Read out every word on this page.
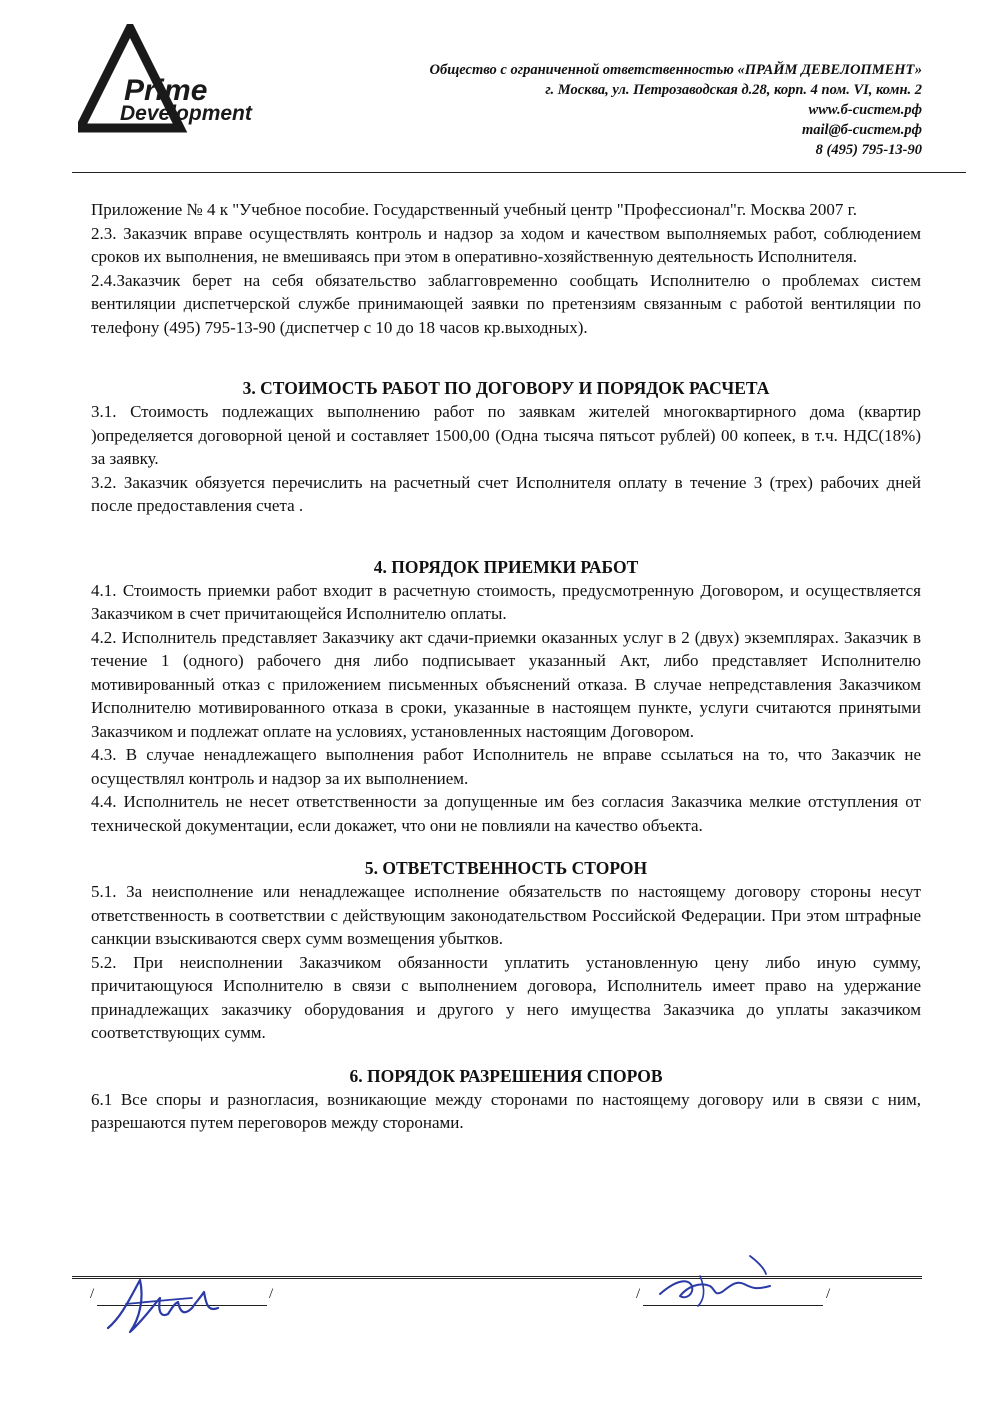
Prime
Development
Общество с ограниченной ответственностью «ПРАЙМ ДЕВЕЛОПМЕНТ»
г. Москва, ул. Петрозаводская д.28, корп. 4 пом. VI, комн. 2
www.б-систем.рф
mail@б-систем.рф
8 (495) 795-13-90
Приложение № 4 к "Учебное пособие. Государственный учебный центр "Профессионал"г. Москва 2007 г.
2.3. Заказчик вправе осуществлять контроль и надзор за ходом и качеством выполняемых работ, соблюдением сроков их выполнения, не вмешиваясь при этом в оперативно-хозяйственную деятельность Исполнителя.
2.4.Заказчик берет на себя обязательство заблагговременно сообщать Исполнителю о проблемах систем вентиляции диспетчерской службе принимающей заявки по претензиям связанным с работой вентиляции по телефону (495) 795-13-90 (диспетчер с 10 до 18 часов кр.выходных).
3. СТОИМОСТЬ РАБОТ ПО ДОГОВОРУ И ПОРЯДОК РАСЧЕТА
3.1. Стоимость подлежащих выполнению работ по заявкам жителей многоквартирного дома (квартир )определяется договорной ценой и составляет 1500,00 (Одна тысяча пятьсот рублей) 00 копеек, в т.ч. НДС(18%) за заявку.
3.2. Заказчик обязуется перечислить на расчетный счет Исполнителя оплату в течение 3 (трех) рабочих дней после предоставления счета .
4. ПОРЯДОК ПРИЕМКИ РАБОТ
4.1. Стоимость приемки работ входит в расчетную стоимость, предусмотренную Договором, и осуществляется Заказчиком в счет причитающейся Исполнителю оплаты.
4.2. Исполнитель представляет Заказчику акт сдачи-приемки оказанных услуг в 2 (двух) экземплярах. Заказчик в течение 1 (одного) рабочего дня либо подписывает указанный Акт, либо представляет Исполнителю мотивированный отказ с приложением письменных объяснений отказа. В случае непредставления Заказчиком Исполнителю мотивированного отказа в сроки, указанные в настоящем пункте, услуги считаются принятыми Заказчиком и подлежат оплате на условиях, установленных настоящим Договором.
4.3. В случае ненадлежащего выполнения работ Исполнитель не вправе ссылаться на то, что Заказчик не осуществлял контроль и надзор за их выполнением.
4.4. Исполнитель не несет ответственности за допущенные им без согласия Заказчика мелкие отступления от технической документации, если докажет, что они не повлияли на качество объекта.
5. ОТВЕТСТВЕННОСТЬ СТОРОН
5.1. За неисполнение или ненадлежащее исполнение обязательств по настоящему договору стороны несут ответственность в соответствии с действующим законодательством Российской Федерации. При этом штрафные санкции взыскиваются сверх сумм возмещения убытков.
5.2. При неисполнении Заказчиком обязанности уплатить установленную цену либо иную сумму, причитающуюся Исполнителю в связи с выполнением договора, Исполнитель имеет право на удержание принадлежащих заказчику оборудования и другого у него имущества Заказчика до уплаты заказчиком соответствующих сумм.
6. ПОРЯДОК РАЗРЕШЕНИЯ СПОРОВ
6.1 Все споры и разногласия, возникающие между сторонами по настоящему договору или в связи с ним, разрешаются путем переговоров между сторонами.
/	/	/	/
